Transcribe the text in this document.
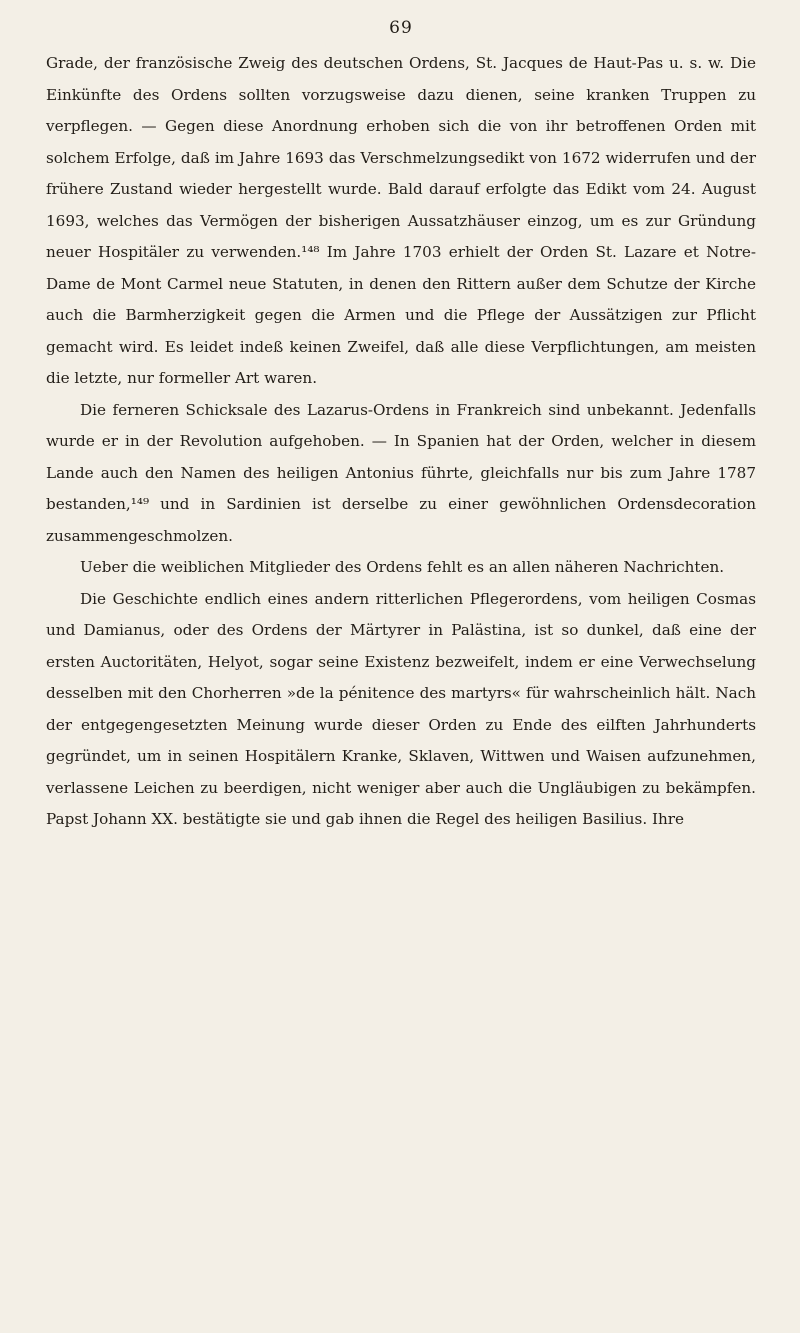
69

Grade, der französische Zweig des deutschen Ordens, St. Jacques de Haut-Pas u. s. w. Die Einkünfte des Ordens sollten vorzugsweise dazu dienen, seine kranken Truppen zu verpflegen. — Gegen diese Anordnung erhoben sich die von ihr betroffenen Orden mit solchem Erfolge, daß im Jahre 1693 das Verschmelzungsedikt von 1672 widerrufen und der frühere Zustand wieder hergestellt wurde. Bald darauf erfolgte das Edikt vom 24. August 1693, welches das Vermögen der bisherigen Aussatzhäuser einzog, um es zur Gründung neuer Hospitäler zu verwenden.¹⁴⁸ Im Jahre 1703 erhielt der Orden St. Lazare et Notre-Dame de Mont Carmel neue Statuten, in denen den Rittern außer dem Schutze der Kirche auch die Barmherzigkeit gegen die Armen und die Pflege der Aussätzigen zur Pflicht gemacht wird. Es leidet indeß keinen Zweifel, daß alle diese Verpflichtungen, am meisten die letzte, nur formeller Art waren.

Die ferneren Schicksale des Lazarus-Ordens in Frankreich sind unbekannt. Jedenfalls wurde er in der Revolution aufgehoben. — In Spanien hat der Orden, welcher in diesem Lande auch den Namen des heiligen Antonius führte, gleichfalls nur bis zum Jahre 1787 bestanden,¹⁴⁹ und in Sardinien ist derselbe zu einer gewöhnlichen Ordensdecoration zusammengeschmolzen.

Ueber die weiblichen Mitglieder des Ordens fehlt es an allen näheren Nachrichten.

Die Geschichte endlich eines andern ritterlichen Pflegerordens, vom heiligen Cosmas und Damianus, oder des Ordens der Märtyrer in Palästina, ist so dunkel, daß eine der ersten Auctoritäten, Helyot, sogar seine Existenz bezweifelt, indem er eine Verwechselung desselben mit den Chorherren »de la pénitence des martyrs« für wahrscheinlich hält. Nach der entgegengesetzten Meinung wurde dieser Orden zu Ende des eilften Jahrhunderts gegründet, um in seinen Hospitälern Kranke, Sklaven, Wittwen und Waisen aufzunehmen, verlassene Leichen zu beerdigen, nicht weniger aber auch die Ungläubigen zu bekämpfen. Papst Johann XX. bestätigte sie und gab ihnen die Regel des heiligen Basilius. Ihre
